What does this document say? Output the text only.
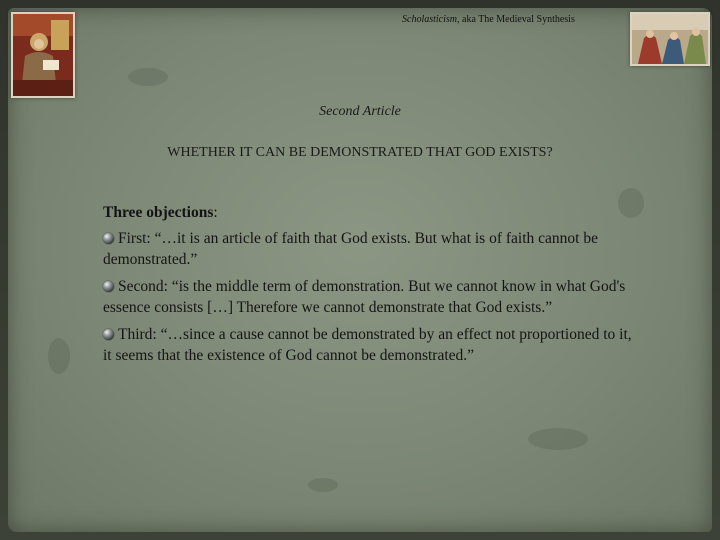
Scholasticism, aka The Medieval Synthesis
Second Article
WHETHER IT CAN BE DEMONSTRATED THAT GOD EXISTS?
Three objections:
First: “…it is an article of faith that God exists. But what is of faith cannot be demonstrated.”
Second: “is the middle term of demonstration. But we cannot know in what God's essence consists […] Therefore we cannot demonstrate that God exists.”
Third: “…since a cause cannot be demonstrated by an effect not proportioned to it, it seems that the existence of God cannot be demonstrated.”
